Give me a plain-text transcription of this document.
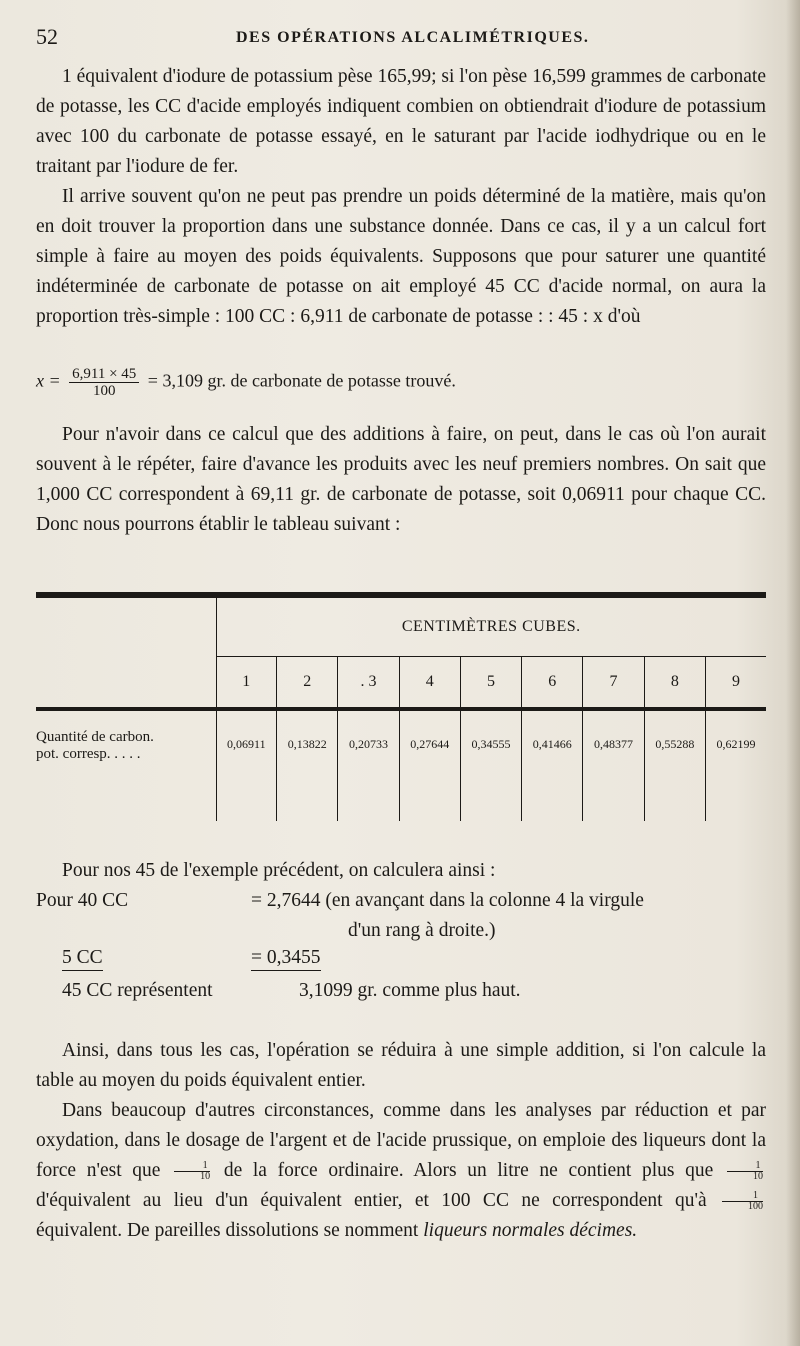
52	DES OPÉRATIONS ALCALIMÉTRIQUES.

1 équivalent d'iodure de potassium pèse 165,99; si l'on pèse 16,599 grammes de carbonate de potasse, les CC d'acide employés indiquent combien on obtiendrait d'iodure de potassium avec 100 du carbonate de potasse essayé, en le saturant par l'acide iodhydrique ou en le traitant par l'iodure de fer.

Il arrive souvent qu'on ne peut pas prendre un poids déterminé de la matière, mais qu'on en doit trouver la proportion dans une substance donnée. Dans ce cas, il y a un calcul fort simple à faire au moyen des poids équivalents. Supposons que pour saturer une quantité indéterminée de carbonate de potasse on ait employé 45 CC d'acide normal, on aura la proportion très-simple : 100 CC : 6,911 de carbonate de potasse : : 45 : x d'où

$x = \frac{6,911 \times 45}{100} = 3,109$ gr. de carbonate de potasse trouvé.

Pour n'avoir dans ce calcul que des additions à faire, on peut, dans le cas où l'on aurait souvent à le répéter, faire d'avance les produits avec les neuf premiers nombres. On sait que 1,000 CC correspondent à 69,11 gr. de carbonate de potasse, soit 0,06911 pour chaque CC. Donc nous pourrons établir le tableau suivant :

	CENTIMÈTRES CUBES.								
	1	2	. 3	4	5	6	7	8	9

Quantité de carbon.
pot. corresp. . . . .	0,06911	0,13822	0,20733	0,27644	0,34555	0,41466	0,48377	0,55288	0,62199

Pour nos 45 de l'exemple précédent, on calculera ainsi :

Pour 40 CC	= 2,7644 (en avançant dans la colonne 4 la virgule
d'un rang à droite.)
5 CC	= 0,3455
45 CC représentent	3,1099 gr. comme plus haut.

Ainsi, dans tous les cas, l'opération se réduira à une simple addition, si l'on calcule la table au moyen du poids équivalent entier.

Dans beaucoup d'autres circonstances, comme dans les analyses par réduction et par oxydation, dans le dosage de l'argent et de l'acide prussique, on emploie des liqueurs dont la force n'est que $\frac{1}{10}$ de la force ordinaire. Alors un litre ne contient plus que $\frac{1}{10}$
d'équivalent au lieu d'un équivalent entier, et 100 CC ne correspondent qu'à $\frac{1}{100}$
équivalent. De pareilles dissolutions se nomment liqueurs normales décimes.
